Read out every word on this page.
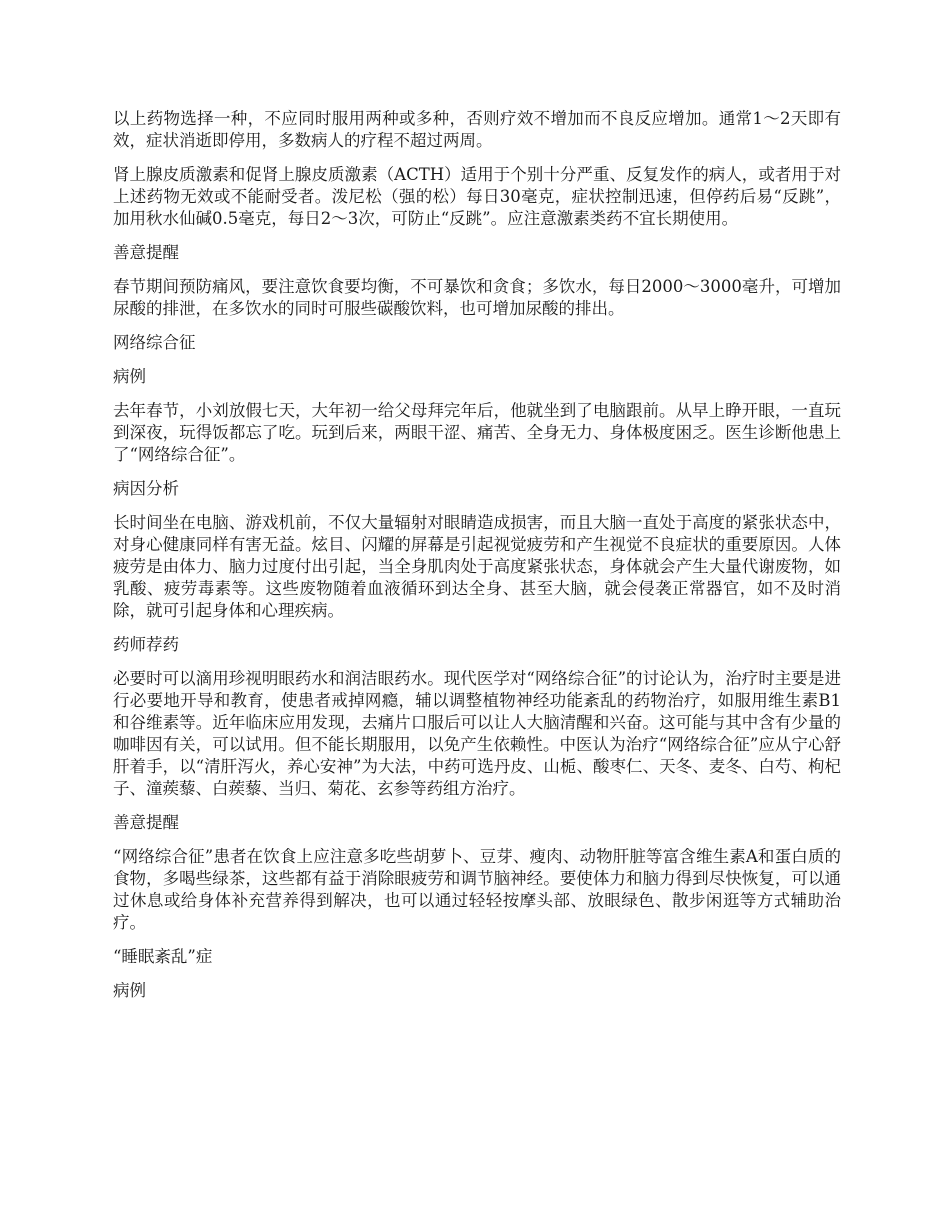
以上药物选择一种，不应同时服用两种或多种，否则疗效不增加而不良反应增加。通常1～2天即有效，症状消逝即停用，多数病人的疗程不超过两周。

肾上腺皮质激素和促肾上腺皮质激素（ACTH）适用于个别十分严重、反复发作的病人，或者用于对上述药物无效或不能耐受者。泼尼松（强的松）每日30毫克，症状控制迅速，但停药后易“反跳”，加用秋水仙碱0.5毫克，每日2～3次，可防止“反跳”。应注意激素类药不宜长期使用。

善意提醒

春节期间预防痛风，要注意饮食要均衡，不可暴饮和贪食；多饮水，每日2000～3000毫升，可增加尿酸的排泄，在多饮水的同时可服些碳酸饮料，也可增加尿酸的排出。

网络综合征

病例

去年春节，小刘放假七天，大年初一给父母拜完年后，他就坐到了电脑跟前。从早上睁开眼，一直玩到深夜，玩得饭都忘了吃。玩到后来，两眼干涩、痛苦、全身无力、身体极度困乏。医生诊断他患上了“网络综合征”。

病因分析

长时间坐在电脑、游戏机前，不仅大量辐射对眼睛造成损害，而且大脑一直处于高度的紧张状态中，对身心健康同样有害无益。炫目、闪耀的屏幕是引起视觉疲劳和产生视觉不良症状的重要原因。人体疲劳是由体力、脑力过度付出引起，当全身肌肉处于高度紧张状态，身体就会产生大量代谢废物，如乳酸、疲劳毒素等。这些废物随着血液循环到达全身、甚至大脑，就会侵袭正常器官，如不及时消除，就可引起身体和心理疾病。

药师荐药

必要时可以滴用珍视明眼药水和润洁眼药水。现代医学对“网络综合征”的讨论认为，治疗时主要是进行必要地开导和教育，使患者戒掉网瘾，辅以调整植物神经功能紊乱的药物治疗，如服用维生素B1和谷维素等。近年临床应用发现，去痛片口服后可以让人大脑清醒和兴奋。这可能与其中含有少量的咖啡因有关，可以试用。但不能长期服用，以免产生依赖性。中医认为治疗“网络综合征”应从宁心舒肝着手，以“清肝泻火，养心安神”为大法，中药可选丹皮、山栀、酸枣仁、天冬、麦冬、白芍、枸杞子、潼蒺藜、白蒺藜、当归、菊花、玄参等药组方治疗。

善意提醒

“网络综合征”患者在饮食上应注意多吃些胡萝卜、豆芽、瘦肉、动物肝脏等富含维生素A和蛋白质的食物，多喝些绿茶，这些都有益于消除眼疲劳和调节脑神经。要使体力和脑力得到尽快恢复，可以通过休息或给身体补充营养得到解决，也可以通过轻轻按摩头部、放眼绿色、散步闲逛等方式辅助治疗。

“睡眠紊乱”症

病例
